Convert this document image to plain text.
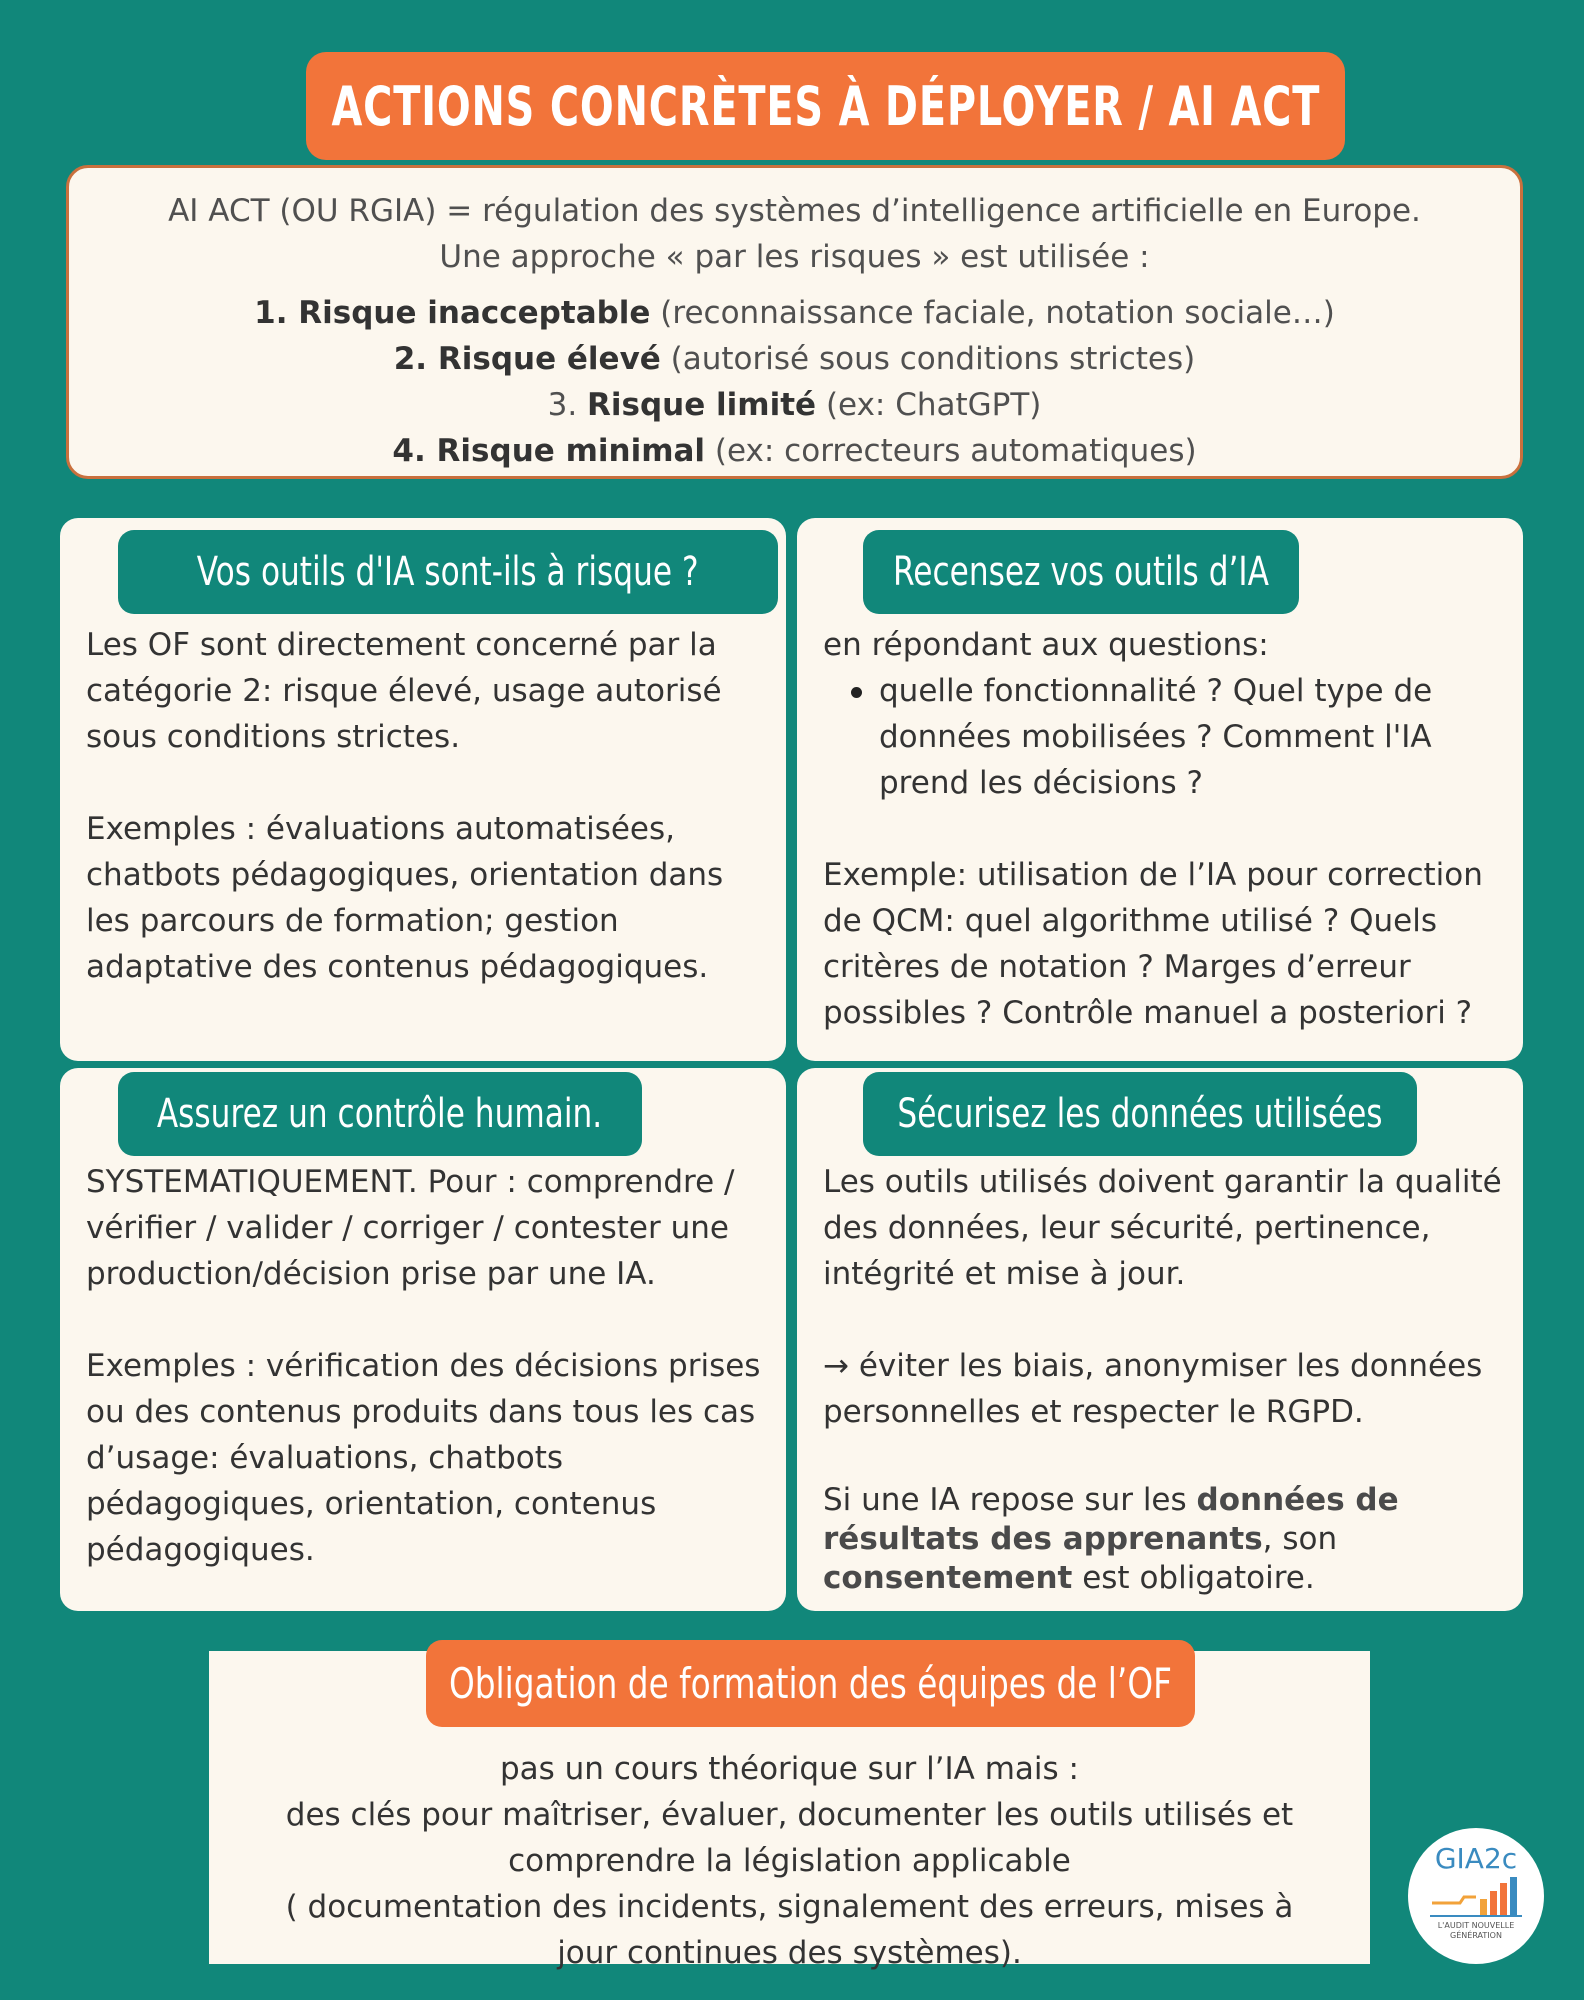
ACTIONS CONCRÈTES À DÉPLOYER / AI ACT
AI ACT (OU RGIA) = régulation des systèmes d’intelligence artificielle en Europe.
Une approche « par les risques » est utilisée :
1. Risque inacceptable (reconnaissance faciale, notation sociale…)
2. Risque élevé (autorisé sous conditions strictes)
3. Risque limité (ex: ChatGPT)
4. Risque minimal (ex: correcteurs automatiques)
Vos outils d'IA sont-ils à risque ?

Les OF sont directement concerné par la catégorie 2: risque élevé, usage autorisé sous conditions strictes.

Exemples : évaluations automatisées, chatbots pédagogiques, orientation dans les parcours de formation; gestion adaptative des contenus pédagogiques.

Recensez vos outils d’IA

en répondant aux questions:

quelle fonctionnalité ? Quel type de données mobilisées ? Comment l'IA prend les décisions ?

Exemple: utilisation de l’IA pour correction de QCM: quel algorithme utilisé ? Quels critères de notation ? Marges d’erreur possibles ? Contrôle manuel a posteriori ?

Assurez un contrôle humain.

SYSTEMATIQUEMENT. Pour : comprendre / vérifier / valider / corriger / contester une production/décision prise par une IA.

Exemples : vérification des décisions prises ou des contenus produits dans tous les cas d’usage: évaluations, chatbots pédagogiques, orientation, contenus pédagogiques.

Sécurisez les données utilisées

Les outils utilisés doivent garantir la qualité des données, leur sécurité, pertinence, intégrité et mise à jour.

→ éviter les biais, anonymiser les données personnelles et respecter le RGPD.

Si une IA repose sur les données de résultats des apprenants, son consentement est obligatoire.

pas un cours théorique sur l’IA mais :
des clés pour maîtriser, évaluer, documenter les outils utilisés et
comprendre la législation applicable
( documentation des incidents, signalement des erreurs, mises à
jour continues des systèmes).
Obligation de formation des équipes de l’OF
GIA2c
L'AUDIT NOUVELLE
GÉNÉRATION
